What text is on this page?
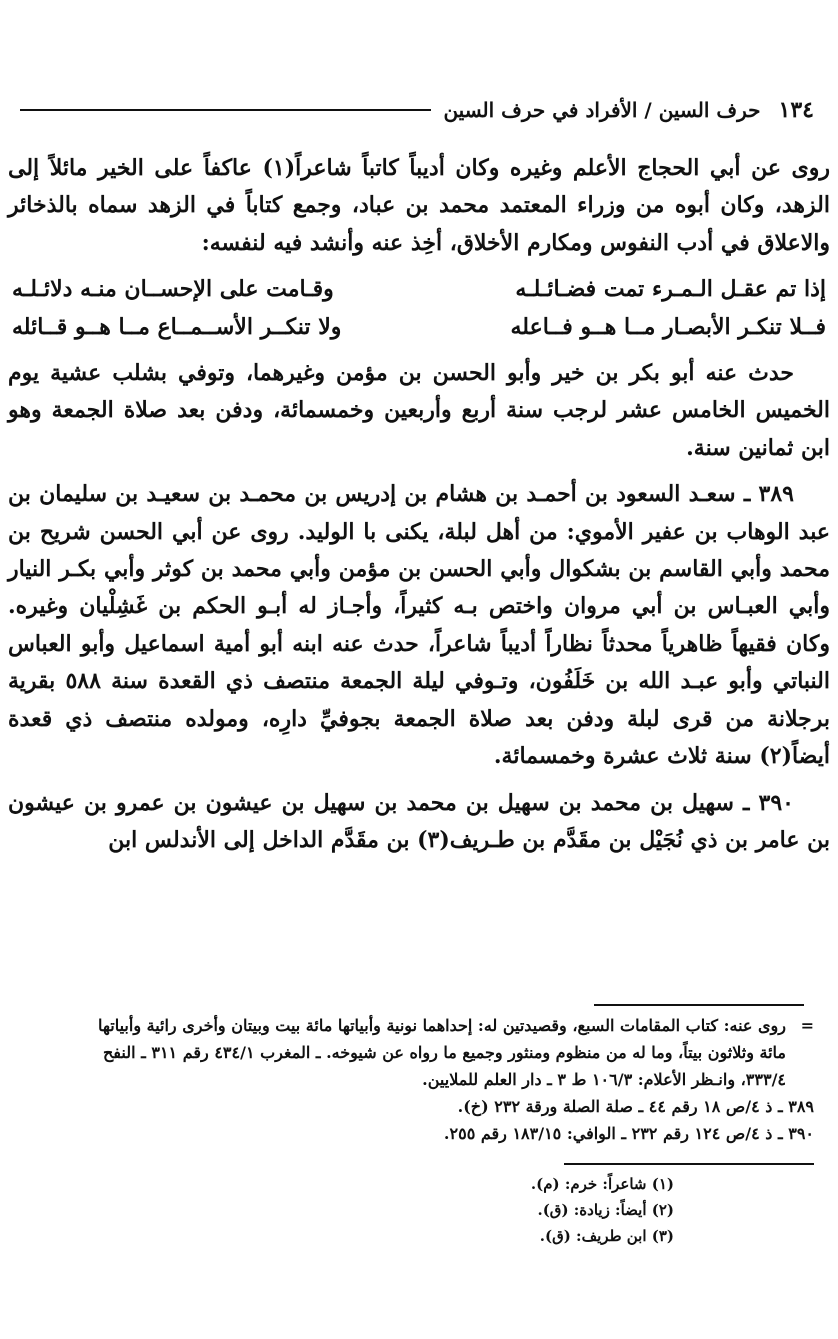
١٣٤
حرف السين / الأفراد في حرف السين

روى عن أبي الحجاج الأعلم وغيره وكان أديباً كاتباً شاعراً(١) عاكفاً على الخير مائلاً إلى الزهد، وكان أبوه من وزراء المعتمد محمد بن عباد، وجمع كتاباً في الزهد سماه بالذخائر والاعلاق في أدب النفوس ومكارم الأخلاق، أخِذ عنه وأنشد فيه لنفسه:

إذا تم عقـل الـمـرء تمت فضـائـلـه
وقـامت على الإحســان منـه دلائـلـه
فــلا تنكـر الأبصـار مــا هــو فــاعله
ولا تنكــر الأســمــاع مــا هــو قــائله

حدث عنه أبو بكر بن خير وأبو الحسن بن مؤمن وغيرهما، وتوفي بشلب عشية يوم الخميس الخامس عشر لرجب سنة أربع وأربعين وخمسمائة، ودفن بعد صلاة الجمعة وهو ابن ثمانين سنة.

٣٨٩ ـ سعـد السعود بن أحمـد بن هشام بن إدريس بن محمـد بن سعيـد بن سليمان بن عبد الوهاب بن عفير الأموي: من أهل لبلة، يكنى با الوليد. روى عن أبي الحسن شريح بن محمد وأبي القاسم بن بشكوال وأبي الحسن بن مؤمن وأبي محمد بن كوثر وأبي بكـر النيار وأبي العبـاس بن أبي مروان واختص بـه كثيراً، وأجـاز له أبـو الحكم بن غَشِلْيان وغيره. وكان فقيهاً ظاهرياً محدثاً نظاراً أديباً شاعراً، حدث عنه ابنه أبو أمية اسماعيل وأبو العباس النباتي وأبو عبـد الله بن خَلَفُون، وتـوفي ليلة الجمعة منتصف ذي القعدة سنة ٥٨٨ بقرية برجلانة من قرى لبلة ودفن بعد صلاة الجمعة بجوفيِّ دارِه، ومولده منتصف ذي قعدة أيضاً(٢) سنة ثلاث عشرة وخمسمائة.

٣٩٠ ـ سهيل بن محمد بن سهيل بن محمد بن سهيل بن عيشون بن عمرو بن عيشون بن عامر بن ذي نُجَيْل بن مقَدَّم بن طـريف(٣) بن مقَدَّم الداخل إلى الأندلس ابن

=
روى عنه: كتاب المقامات السبع، وقصيدتين له: إحداهما نونية وأبياتها مائة بيت وبيتان وأخرى رائية وأبياتها مائة وثلاثون بيتاً، وما له من منظوم ومنثور وجميع ما رواه عن شيوخه. ـ المغرب ٤٣٤/١ رقم ٣١١ ـ النفح ٣٣٣/٤، وانـظر الأعلام: ١٠٦/٣ ط ٣ ـ دار العلم للملايين.

٣٨٩ ـ ذ ٤/ص ١٨ رقم ٤٤ ـ صلة الصلة ورقة ٢٣٢ (خ).

٣٩٠ ـ ذ ٤/ص ١٢٤ رقم ٢٣٢ ـ الوافي: ١٨٣/١٥ رقم ٢٥٥.

(١) شاعراً: خرم: (م).

(٢) أيضاً: زيادة: (ق).

(٣) ابن طريف: (ق).
